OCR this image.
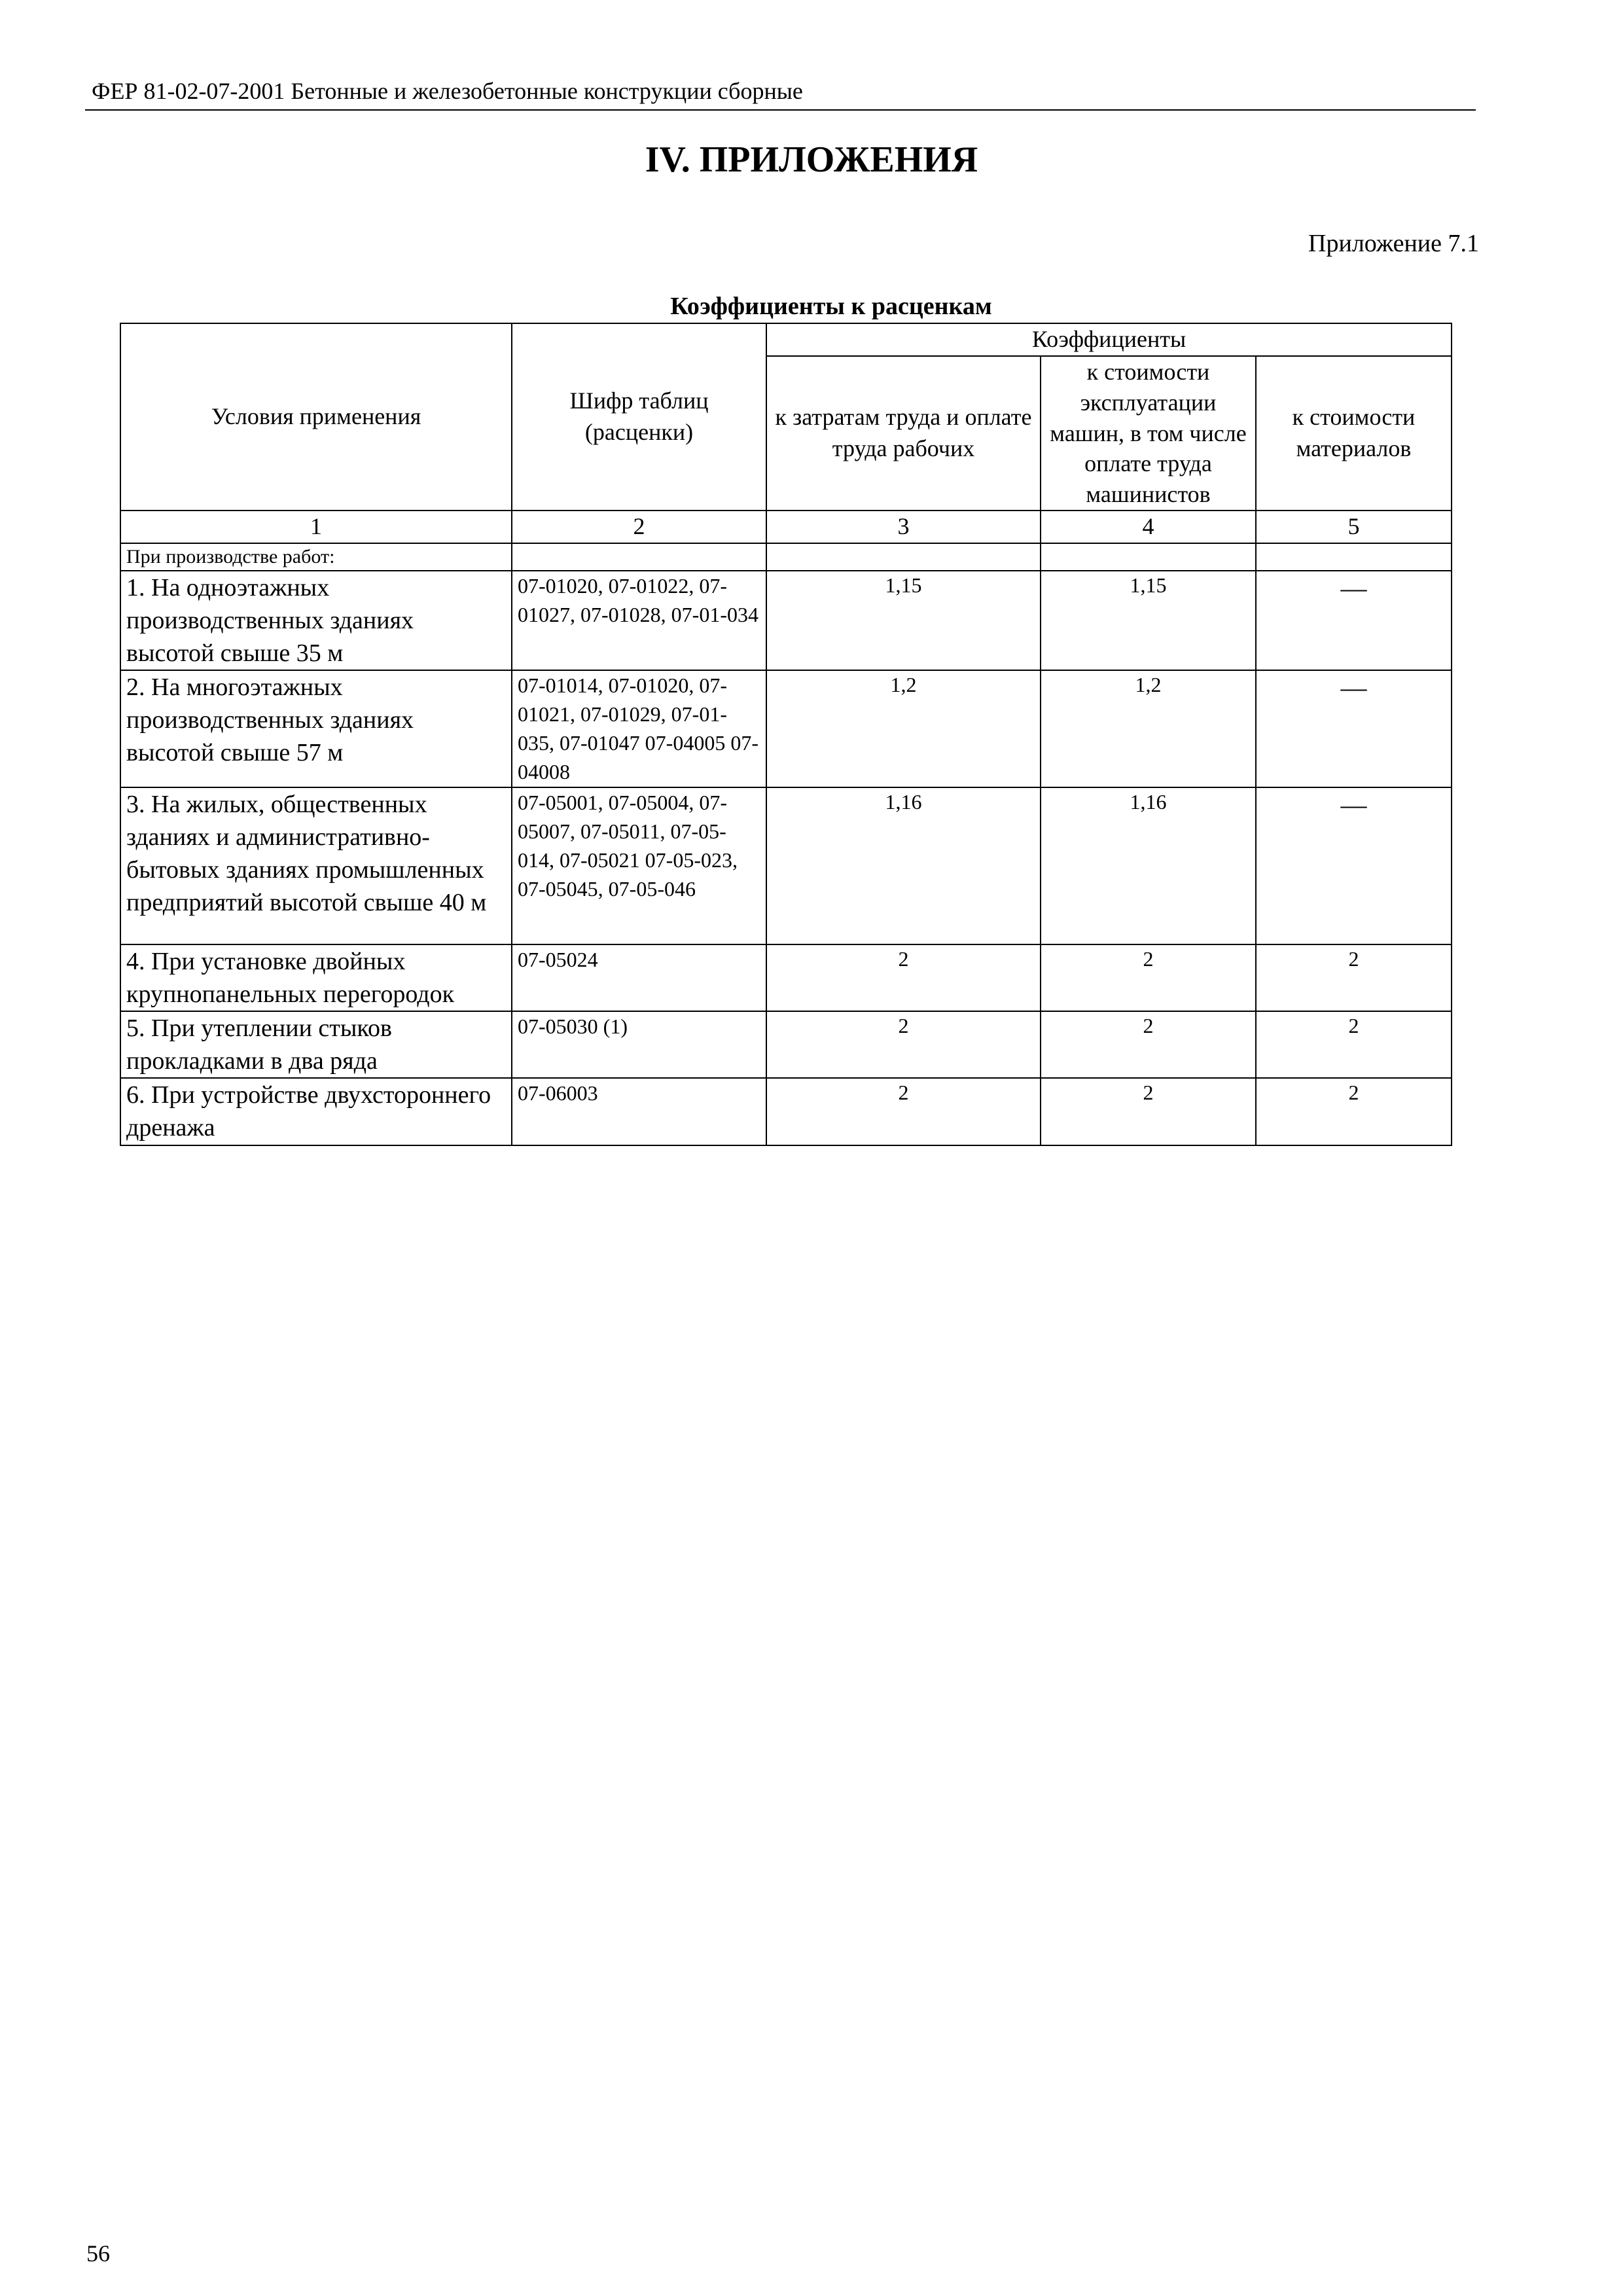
ФЕР 81-02-07-2001 Бетонные и железобетонные конструкции сборные
IV. ПРИЛОЖЕНИЯ
Приложение 7.1
Коэффициенты к расценкам
Условия применения	Шифр таблиц (расценки)	Коэффициенты		
		к затратам труда и оплате труда рабочих	к стоимости эксплуатации машин, в том числе оплате труда машинистов	к стоимости материалов
1	2	3	4	5
При производстве работ:				
1. На одноэтажных производственных зданиях высотой свыше 35 м	07-01020, 07-01022, 07-01027, 07-01028, 07-01-034	1,15	1,15	—
2. На многоэтажных производственных зданиях высотой свыше 57 м	07-01014, 07-01020, 07-01021, 07-01029, 07-01-035, 07-01047 07-04005 07-04008	1,2	1,2	—
3. На жилых, общественных зданиях и административно-бытовых зданиях промышленных предприятий высотой свыше 40 м	07-05001, 07-05004, 07-05007, 07-05011, 07-05-014, 07-05021 07-05-023, 07-05045, 07-05-046	1,16	1,16	—
4. При установке двойных крупнопанельных перегородок	07-05024	2	2	2
5. При утеплении стыков прокладками в два ряда	07-05030 (1)	2	2	2
6. При устройстве двухстороннего дренажа	07-06003	2	2	2
56
